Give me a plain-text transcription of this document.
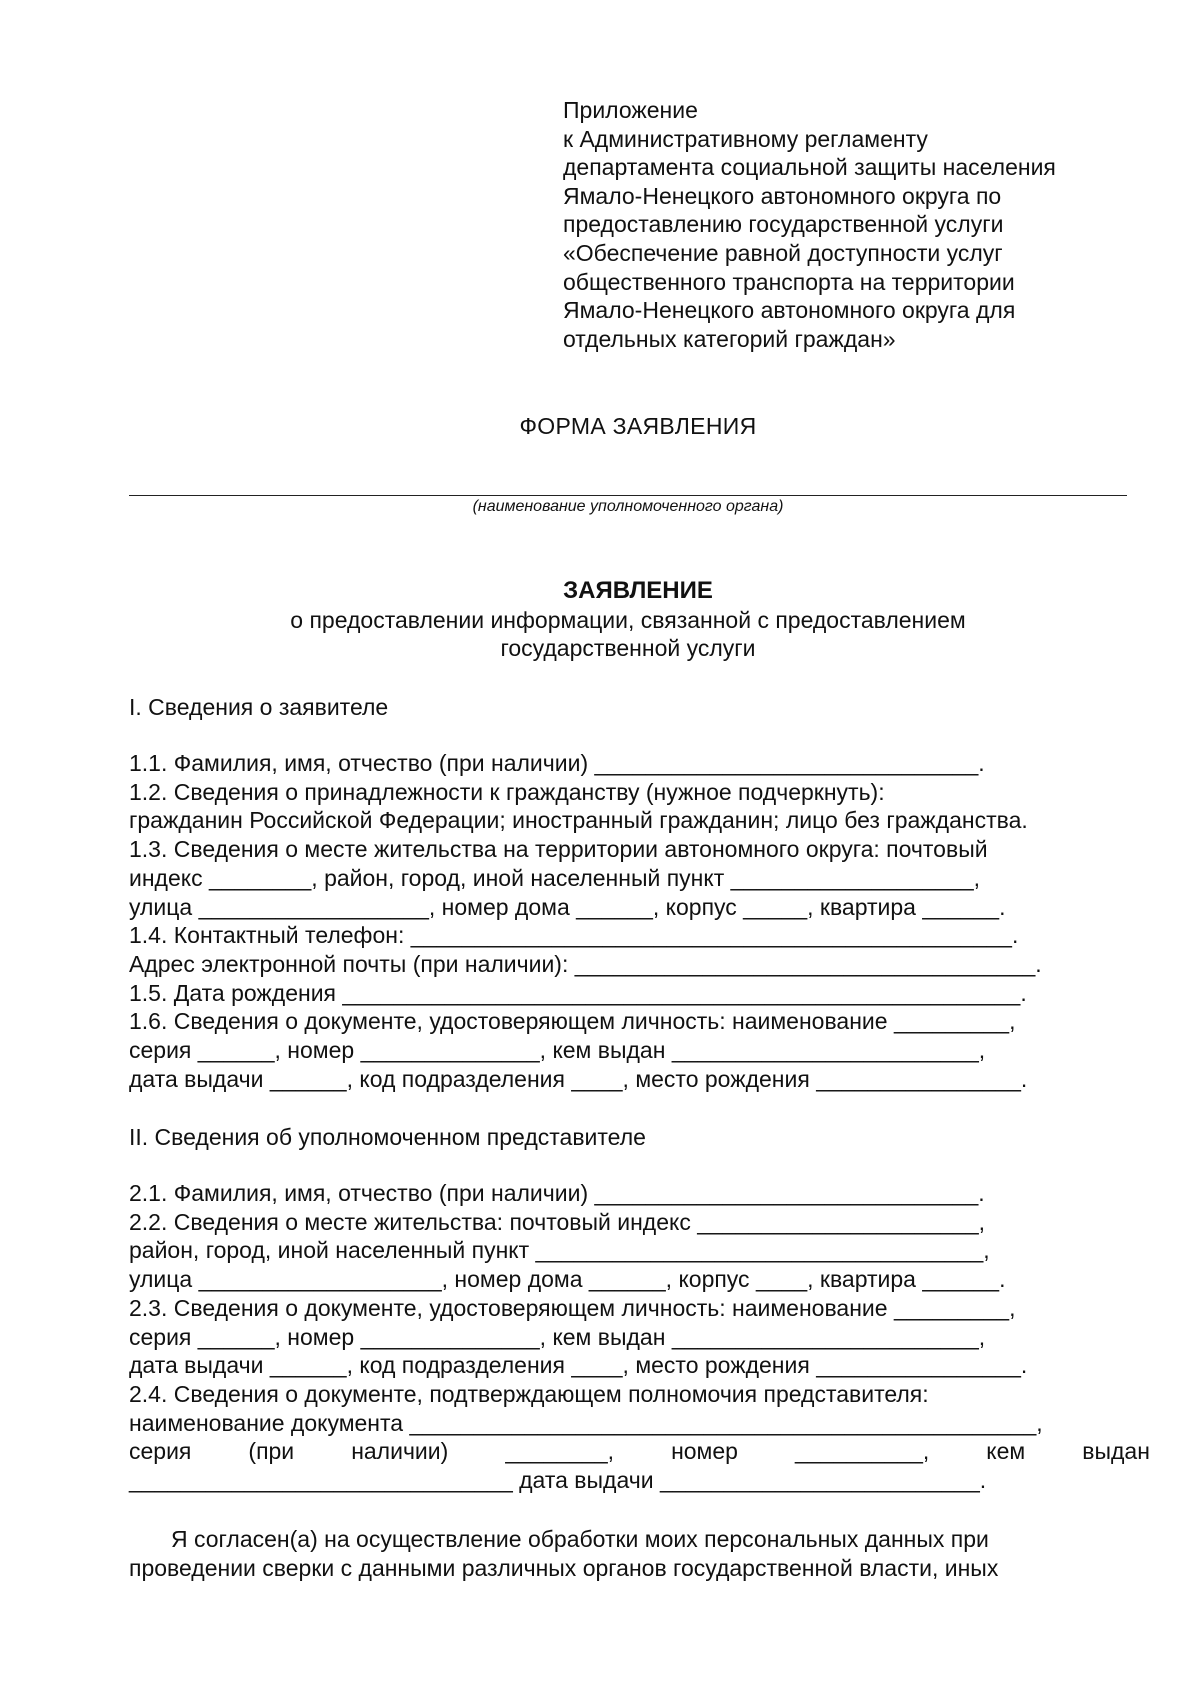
Приложение
к Административному регламенту
департамента социальной защиты населения
Ямало-Ненецкого автономного округа по
предоставлению государственной услуги
«Обеспечение равной доступности услуг
общественного транспорта на территории
Ямало-Ненецкого автономного округа для
отдельных категорий граждан»
ФОРМА ЗАЯВЛЕНИЯ
(наименование уполномоченного органа)
ЗАЯВЛЕНИЕ
о предоставлении информации, связанной с предоставлением
государственной услуги
I. Сведения о заявителе
1.1. Фамилия, имя, отчество (при наличии) ______________________________.
1.2. Сведения о принадлежности к гражданству (нужное подчеркнуть):
гражданин Российской Федерации; иностранный гражданин; лицо без гражданства.
1.3. Сведения о месте жительства на территории автономного округа: почтовый
индекс ________, район, город, иной населенный пункт ___________________,
улица __________________, номер дома ______, корпус _____, квартира ______.
1.4. Контактный телефон: _______________________________________________.
Адрес электронной почты (при наличии): ____________________________________.
1.5. Дата рождения _____________________________________________________.
1.6. Сведения о документе, удостоверяющем личность: наименование _________,
серия ______, номер ______________, кем выдан ________________________,
дата выдачи ______, код подразделения ____, место рождения ________________.
II. Сведения об уполномоченном представителе
2.1. Фамилия, имя, отчество (при наличии) ______________________________.
2.2. Сведения о месте жительства: почтовый индекс ______________________,
район, город, иной населенный пункт ___________________________________,
улица ___________________, номер дома ______, корпус ____, квартира ______.
2.3. Сведения о документе, удостоверяющем личность: наименование _________,
серия ______, номер ______________, кем выдан ________________________,
дата выдачи ______, код подразделения ____, место рождения ________________.
2.4. Сведения о документе, подтверждающем полномочия представителя:
наименование документа _________________________________________________,
серия (при наличии) ________, номер __________, кем выдан
______________________________ дата выдачи _________________________.
Я согласен(а) на осуществление обработки моих персональных данных при
проведении сверки с данными различных органов государственной власти, иных
